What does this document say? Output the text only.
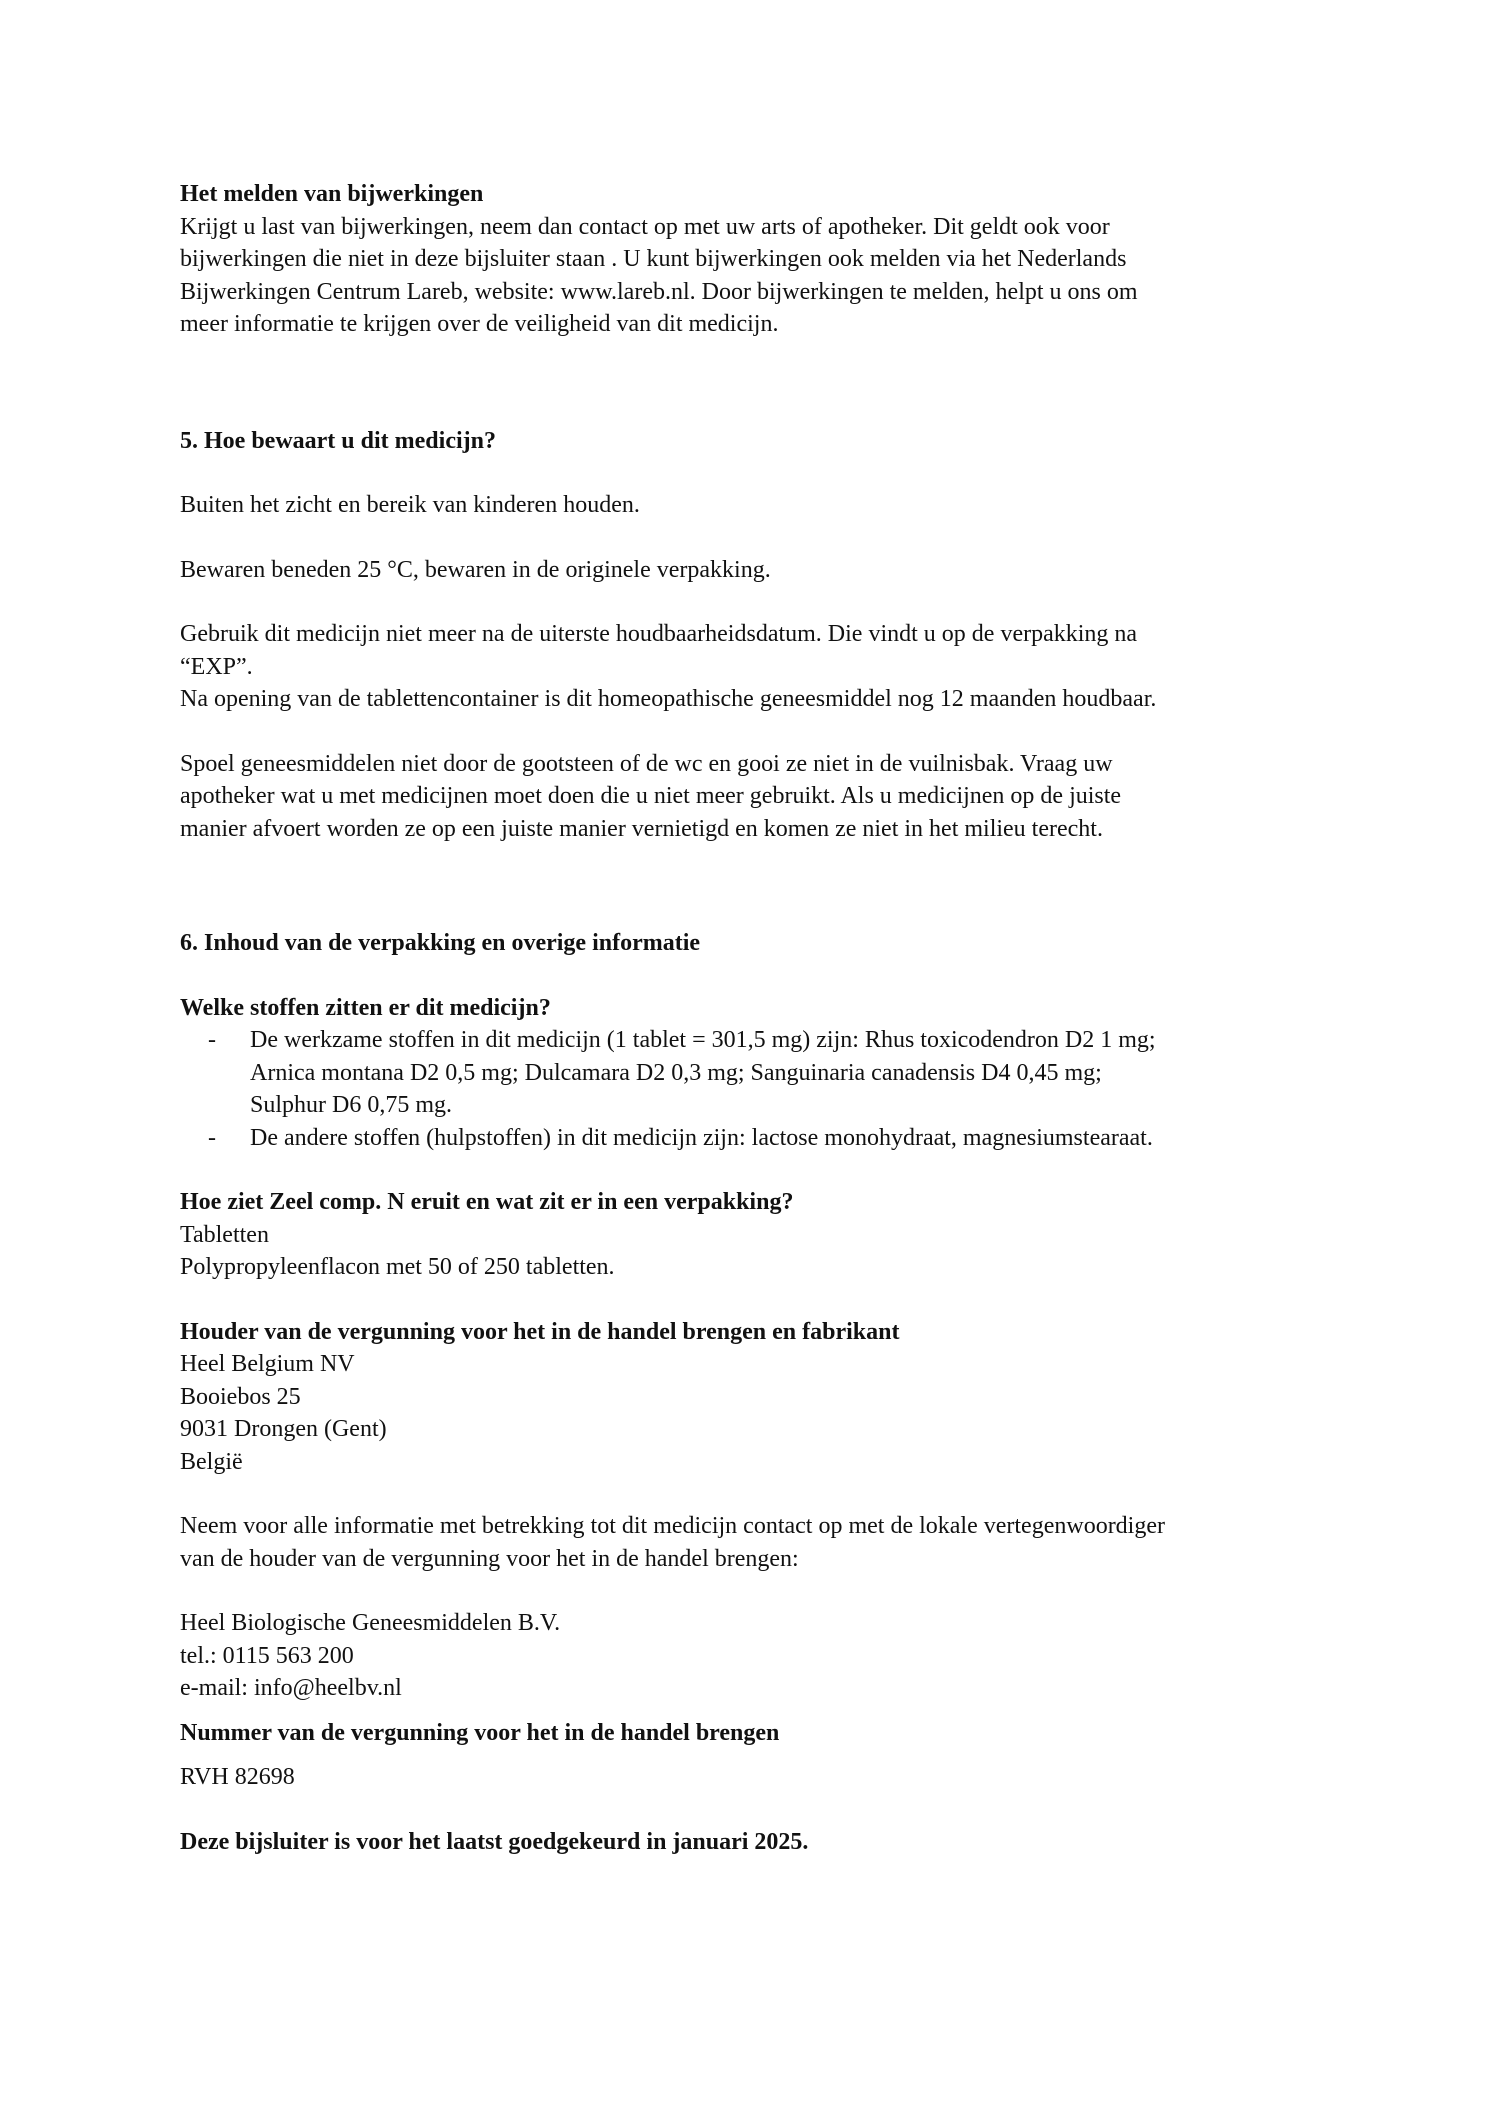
Het melden van bijwerkingen

Krijgt u last van bijwerkingen, neem dan contact op met uw arts of apotheker. Dit geldt ook voor

bijwerkingen die niet in deze bijsluiter staan . U kunt bijwerkingen ook melden via het Nederlands

Bijwerkingen Centrum Lareb, website: www.lareb.nl. Door bijwerkingen te melden, helpt u ons om

meer informatie te krijgen over de veiligheid van dit medicijn.

5. Hoe bewaart u dit medicijn?

Buiten het zicht en bereik van kinderen houden.

Bewaren beneden 25 °C, bewaren in de originele verpakking.

Gebruik dit medicijn niet meer na de uiterste houdbaarheidsdatum. Die vindt u op de verpakking na

“EXP”.

Na opening van de tablettencontainer is dit homeopathische geneesmiddel nog 12 maanden houdbaar.

Spoel geneesmiddelen niet door de gootsteen of de wc en gooi ze niet in de vuilnisbak. Vraag uw

apotheker wat u met medicijnen moet doen die u niet meer gebruikt. Als u medicijnen op de juiste

manier afvoert worden ze op een juiste manier vernietigd en komen ze niet in het milieu terecht.

6. Inhoud van de verpakking en overige informatie

Welke stoffen zitten er dit medicijn?

- De werkzame stoffen in dit medicijn (1 tablet = 301,5 mg) zijn: Rhus toxicodendron D2 1 mg;

Arnica montana D2 0,5 mg; Dulcamara D2 0,3 mg; Sanguinaria canadensis D4 0,45 mg;

Sulphur D6 0,75 mg.

- De andere stoffen (hulpstoffen) in dit medicijn zijn: lactose monohydraat, magnesiumstearaat.

Hoe ziet Zeel comp. N eruit en wat zit er in een verpakking?

Tabletten

Polypropyleenflacon met 50 of 250 tabletten.

Houder van de vergunning voor het in de handel brengen en fabrikant

Heel Belgium NV

Booiebos 25

9031 Drongen (Gent)

België

Neem voor alle informatie met betrekking tot dit medicijn contact op met de lokale vertegenwoordiger

van de houder van de vergunning voor het in de handel brengen:

Heel Biologische Geneesmiddelen B.V.

tel.: 0115 563 200

e-mail: info@heelbv.nl

Nummer van de vergunning voor het in de handel brengen

RVH 82698

Deze bijsluiter is voor het laatst goedgekeurd in januari 2025.
